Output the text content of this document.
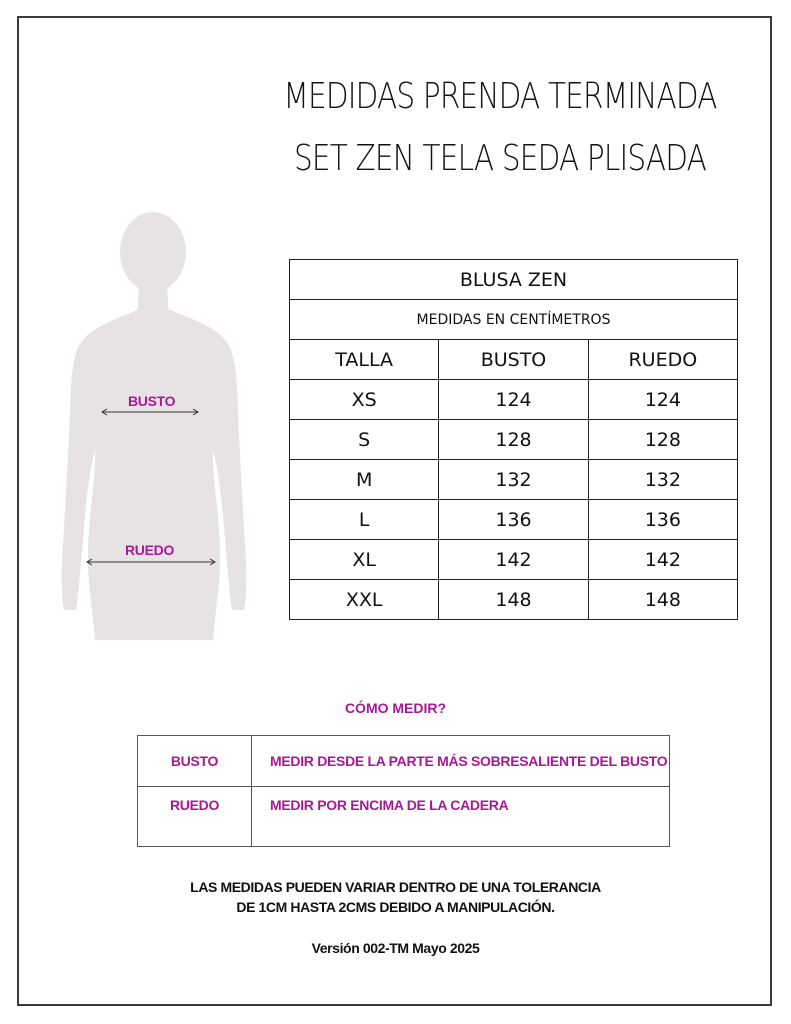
MEDIDAS PRENDA TERMINADA
SET ZEN TELA SEDA PLISADA
BUSTO
RUEDO
BLUSA ZEN		
MEDIDAS EN CENTÍMETROS		
TALLA	BUSTO	RUEDO
XS	124	124
S	128	128
M	132	132
L	136	136
XL	142	142
XXL	148	148
CÓMO MEDIR?
BUSTO	MEDIR DESDE LA PARTE MÁS SOBRESALIENTE DEL BUSTO
RUEDO	MEDIR POR ENCIMA DE LA CADERA
LAS MEDIDAS PUEDEN VARIAR DENTRO DE UNA TOLERANCIA
DE 1CM HASTA 2CMS DEBIDO A MANIPULACIÓN.
Versión 002-TM Mayo 2025
